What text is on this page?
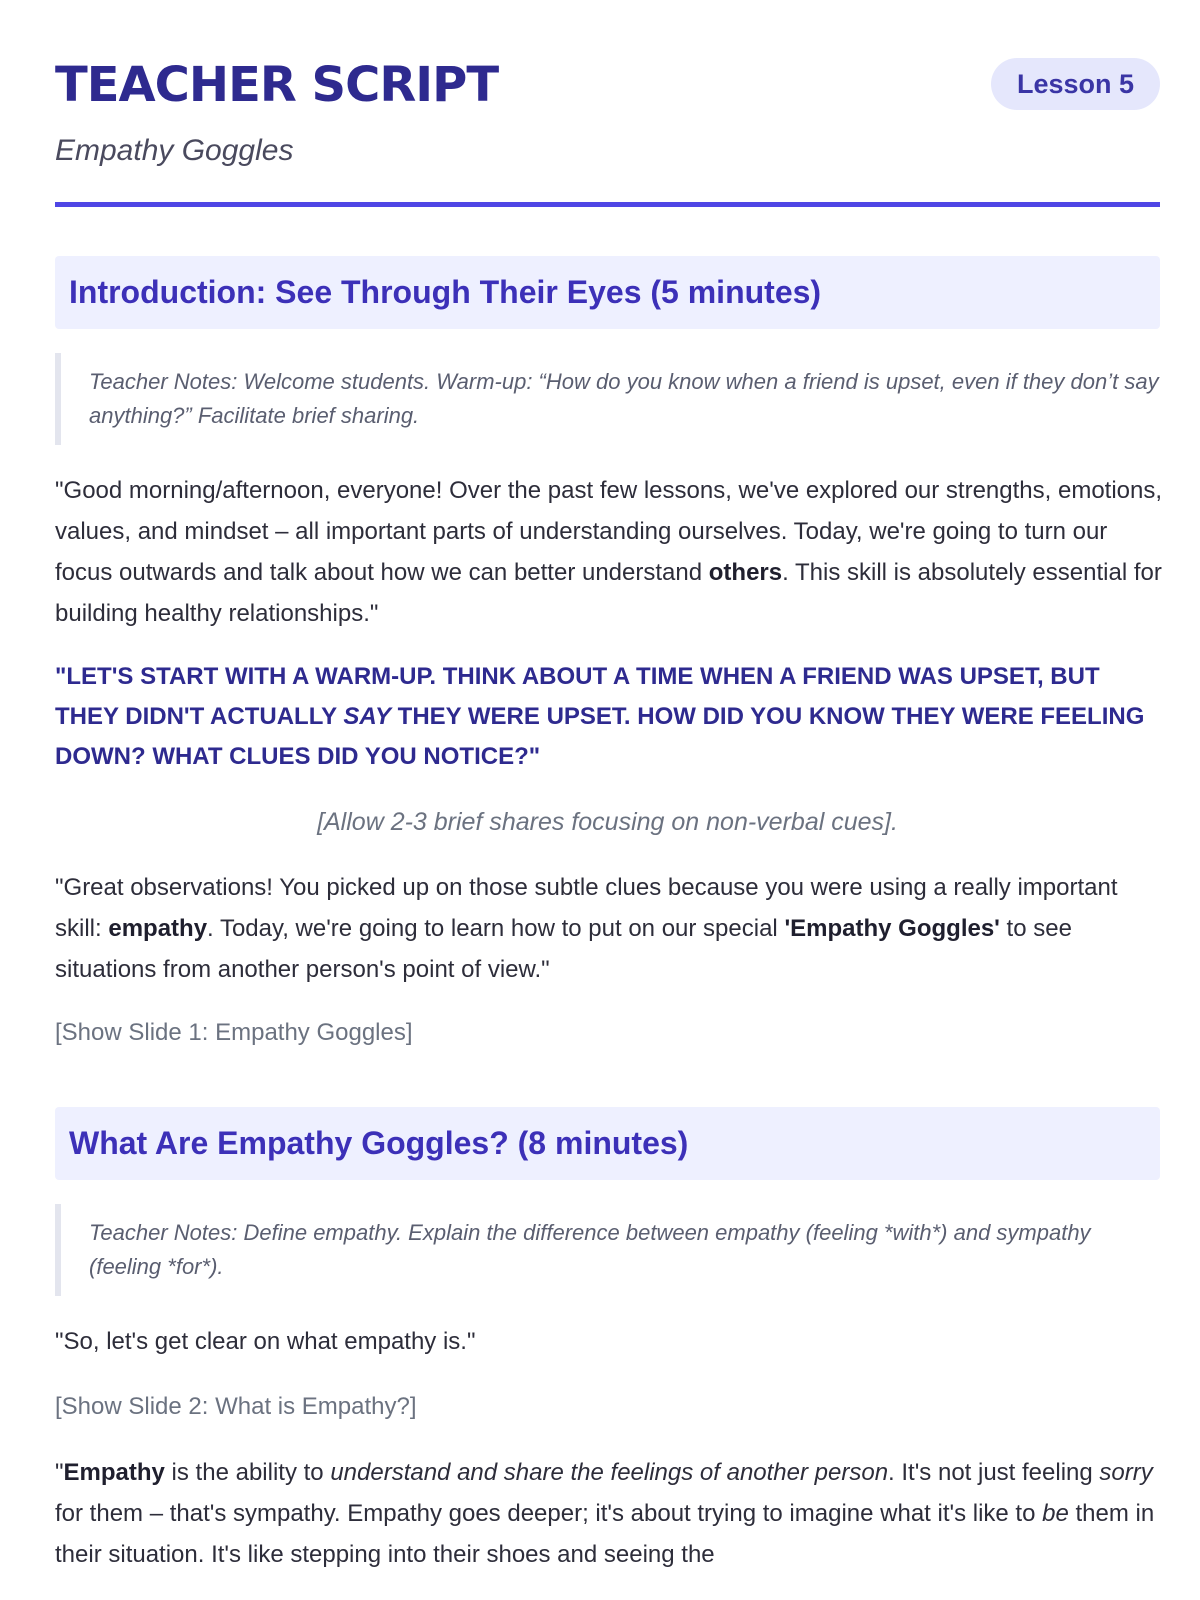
TEACHER SCRIPT
Empathy Goggles
Lesson 5
Introduction: See Through Their Eyes (5 minutes)
Teacher Notes: Welcome students. Warm-up: “How do you know when a friend is upset, even if they don’t say anything?” Facilitate brief sharing.

"Good morning/afternoon, everyone! Over the past few lessons, we've explored our strengths, emotions, values, and mindset – all important parts of understanding ourselves. Today, we're going to turn our focus outwards and talk about how we can better understand others. This skill is absolutely essential for building healthy relationships."

"LET'S START WITH A WARM-UP. THINK ABOUT A TIME WHEN A FRIEND WAS UPSET, BUT THEY DIDN'T ACTUALLY SAY THEY WERE UPSET. HOW DID YOU KNOW THEY WERE FEELING DOWN? WHAT CLUES DID YOU NOTICE?"

[Allow 2-3 brief shares focusing on non-verbal cues].

"Great observations! You picked up on those subtle clues because you were using a really important skill: empathy. Today, we're going to learn how to put on our special 'Empathy Goggles' to see situations from another person's point of view."

[Show Slide 1: Empathy Goggles]
What Are Empathy Goggles? (8 minutes)
Teacher Notes: Define empathy. Explain the difference between empathy (feeling *with*) and sympathy (feeling *for*).

"So, let's get clear on what empathy is."

[Show Slide 2: What is Empathy?]

"Empathy is the ability to understand and share the feelings of another person. It's not just feeling sorry for them – that's sympathy. Empathy goes deeper; it's about trying to imagine what it's like to be them in their situation. It's like stepping into their shoes and seeing the
